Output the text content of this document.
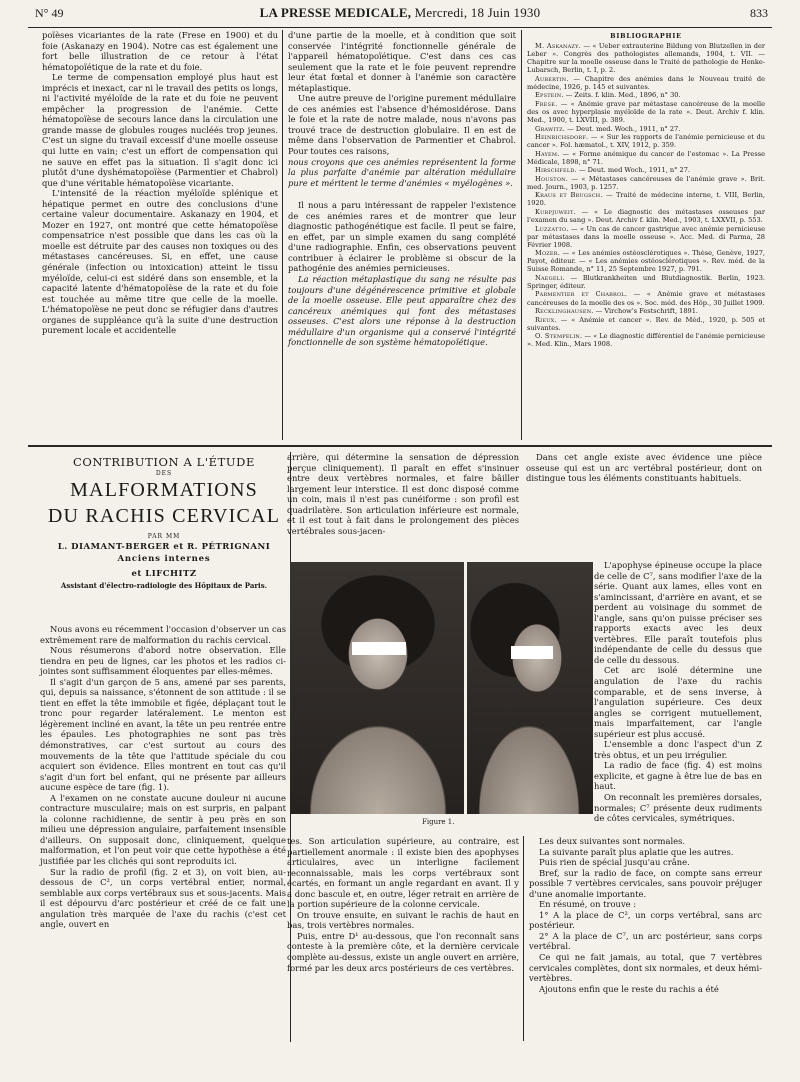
N° 49	LA PRESSE MEDICALE, Mercredi, 18 Juin 1930	833

poïèses vicariantes de la rate (Frese en 1900) et du foie (Askanazy en 1904). Notre cas est également une fort belle illustration de ce retour à l'état hématopoïétique de la rate et du foie.

Le terme de compensation employé plus haut est imprécis et inexact, car ni le travail des petits os longs, ni l'activité myéloïde de la rate et du foie ne peuvent empêcher la progression de l'anémie. Cette hématopoïèse de secours lance dans la circulation une grande masse de globules rouges nucléés trop jeunes. C'est un signe du travail excessif d'une moelle osseuse qui lutte en vain; c'est un effort de compensation qui ne sauve en effet pas la situation. Il s'agit donc ici plutôt d'une dyshématopoïèse (Parmentier et Chabrol) que d'une véritable hématopoïèse vicariante.

L'intensité de la réaction myéloïde splénique et hépatique permet en outre des conclusions d'une certaine valeur documentaire. Askanazy en 1904, et Mozer en 1927, ont montré que cette hématopoïèse compensatrice n'est possible que dans les cas où la moelle est détruite par des causes non toxiques ou des métastases cancéreuses. Si, en effet, une cause générale (infection ou intoxication) atteint le tissu myéloïde, celui-ci est sidéré dans son ensemble, et la capacité latente d'hématopoïèse de la rate et du foie est touchée au même titre que celle de la moelle. L'hématopoïèse ne peut donc se réfugier dans d'autres organes de suppléance qu'à la suite d'une destruction purement locale et accidentelle

d'une partie de la moelle, et à condition que soit conservée l'intégrité fonctionnelle générale de l'appareil hématopoïétique. C'est dans ces cas seulement que la rate et le foie peuvent reprendre leur état fœtal et donner à l'anémie son caractère métaplastique.

Une autre preuve de l'origine purement médullaire de ces anémies est l'absence d'hémosidérose. Dans le foie et la rate de notre malade, nous n'avons pas trouvé trace de destruction globulaire. Il en est de même dans l'observation de Parmentier et Chabrol. Pour toutes ces raisons,

nous croyons que ces anémies représentent la forme la plus parfaite d'anémie par altération médullaire pure et méritent le terme d'anémies « myélogènes ».

Il nous a paru intéressant de rappeler l'existence de ces anémies rares et de montrer que leur diagnostic pathogénétique est facile. Il peut se faire, en effet, par un simple examen du sang complété d'une radiographie. Enfin, ces observations peuvent contribuer à éclairer le problème si obscur de la pathogénie des anémies pernicieuses.

La réaction métaplastique du sang ne résulte pas toujours d'une dégénérescence primitive et globale de la moelle osseuse. Elle peut apparaître chez des cancéreux anémiques qui font des métastases osseuses. C'est alors une réponse à la destruction médullaire d'un organisme qui a conservé l'intégrité fonctionnelle de son système hématopoïétique.

BIBLIOGRAPHIE

M. Askanazy. — « Ueber extrauterine Bildung von Blutzellen in der Leber ». Congrès des pathologistes allemands, 1904, t. VII. — Chapitre sur la moelle osseuse dans le Traité de pathologie de Henke-Lubarsch, Berlin, t. I, p. 2.

Aubertin. — Chapitre des anémies dans le Nouveau traité de médecine, 1926, p. 145 et suivantes.

Epstein. — Zeits. f. klin. Med., 1896, n° 30.

Frese. — « Anémie grave par métastase cancéreuse de la moelle des os avec hyperplasie myéloïde de la rate ». Deut. Archiv f. klin. Med., 1900, t. LXVIII, p. 389.

Grawitz. — Deut. med. Woch., 1911, n° 27.

Heinrichsdorf. — « Sur les rapports de l'anémie pernicieuse et du cancer ». Fol. hæmatol., t. XIV, 1912, p. 359.

Hayem. — « Forme anémique du cancer de l'estomac ». La Presse Médicale, 1898, n° 71.

Hirschfeld. — Deut. med Woch., 1911, n° 27.

Houston. — « Métastases cancéreuses de l'anémie grave ». Brit. med. Journ., 1903, p. 1257.

Kraus et Brugsch. — Traité de médecine interne, t. VIII, Berlin, 1920.

Kurpjuweit. — « Le diagnostic des métastases osseuses par l'examen du sang ». Deut. Archiv f. klin. Med., 1903, t. LXXVII, p. 553.

Luzzatto. — « Un cas de cancer gastrique avec anémie pernicieuse par métastases dans la moelle osseuse ». Acc. Med. di Parma, 28 Février 1908.

Mozer. — « Les anémies ostéosclérotiques ». Thèse, Genève, 1927, Payot, éditeur. — « Les anémies ostéosclérotiques ». Rev. méd. de la Suisse Romande, n° 11, 25 Septembre 1927, p. 791.

Naegeli. — Blutkrankheiten und Blutdiagnostik. Berlin, 1923. Springer, éditeur.

Parmentier et Chabrol. — « Anémie grave et métastases cancéreuses de la moelle des os ». Soc. méd. des Hôp., 30 Juillet 1909.

Recklinghausen. — Virchow's Festschrift, 1891.

Rieux. — « Anémie et cancer ». Rev. de Méd., 1920, p. 505 et suivantes.

O. Stempelin. — « Le diagnostic différentiel de l'anémie pernicieuse ». Med. Klin., Mars 1908.

CONTRIBUTION A L'ÉTUDE
DES
MALFORMATIONS
DU RACHIS CERVICAL
PAR MM
L. DIAMANT-BERGER et R. PÉTRIGNANI
Anciens internes
et LIFCHITZ
Assistant d'électro-radiologie des Hôpitaux de Paris.

Nous avons eu récemment l'occasion d'observer un cas extrêmement rare de malformation du rachis cervical.

Nous résumerons d'abord notre observation. Elle tiendra en peu de lignes, car les photos et les radios ci-jointes sont suffisamment éloquentes par elles-mêmes.

Il s'agit d'un garçon de 5 ans, amené par ses parents, qui, depuis sa naissance, s'étonnent de son attitude : il se tient en effet la tête immobile et figée, déplaçant tout le tronc pour regarder latéralement. Le menton est légèrement incliné en avant, la tête un peu rentrée entre les épaules. Les photographies ne sont pas très démonstratives, car c'est surtout au cours des mouvements de la tête que l'attitude spéciale du cou acquiert son évidence. Elles montrent en tout cas qu'il s'agit d'un fort bel enfant, qui ne présente par ailleurs aucune espèce de tare (fig. 1).

A l'examen on ne constate aucune douleur ni aucune contracture musculaire; mais on est surpris, en palpant la colonne rachidienne, de sentir à peu près en son milieu une dépression angulaire, parfaitement insensible d'ailleurs. On supposait donc, cliniquement, quelque malformation, et l'on peut voir que cette hypothèse a été justifiée par les clichés qui sont reproduits ici.

Sur la radio de profil (fig. 2 et 3), on voit bien, au-dessous de C², un corps vertébral entier, normal, semblable aux corps vertébraux sus et sous-jacents. Mais il est dépourvu d'arc postérieur et créé de ce fait une angulation très marquée de l'axe du rachis (c'est cet angle, ouvert en

arrière, qui détermine la sensation de dépression perçue cliniquement). Il paraît en effet s'insinuer entre deux vertèbres normales, et faire bâiller largement leur interstice. Il est donc disposé comme un coin, mais il n'est pas cunéiforme : son profil est quadrilatère. Son articulation inférieure est normale, et il est tout à fait dans le prolongement des pièces vertébrales sous-jacen-

Dans cet angle existe avec évidence une pièce osseuse qui est un arc vertébral postérieur, dont on distingue tous les éléments constituants habituels.

Figure 1.

L'apophyse épineuse occupe la place de celle de C⁷, sans modifier l'axe de la série. Quant aux lames, elles vont en s'amincissant, d'arrière en avant, et se perdent au voisinage du sommet de l'angle, sans qu'on puisse préciser ses rapports exacts avec les deux vertèbres. Elle paraît toutefois plus indépendante de celle du dessus que de celle du dessous.

Cet arc isolé détermine une angulation de l'axe du rachis comparable, et de sens inverse, à l'angulation supérieure. Ces deux angles se corrigent mutuellement, mais imparfaitement, car l'angle supérieur est plus accusé.

L'ensemble a donc l'aspect d'un Z très obtus, et un peu irrégulier.

La radio de face (fig. 4) est moins explicite, et gagne à être lue de bas en haut.

On reconnaît les premières dorsales, normales; C⁷ présente deux rudiments de côtes cervicales, symétriques.

tes. Son articulation supérieure, au contraire, est partiellement anormale : il existe bien des apophyses articulaires, avec un interligne facilement reconnaissable, mais les corps vertébraux sont écartés, en formant un angle regardant en avant. Il y a donc bascule et, en outre, léger retrait en arrière de la portion supérieure de la colonne cervicale.

On trouve ensuite, en suivant le rachis de haut en bas, trois vertèbres normales.

Puis, entre D¹ au-dessous, que l'on reconnaît sans conteste à la première côte, et la dernière cervicale complète au-dessus, existe un angle ouvert en arrière, formé par les deux arcs postérieurs de ces vertèbres.

Les deux suivantes sont normales.

La suivante paraît plus aplatie que les autres.

Puis rien de spécial jusqu'au crâne.

Bref, sur la radio de face, on compte sans erreur possible 7 vertèbres cervicales, sans pouvoir préjuger d'une anomalie importante.

En résumé, on trouve :

1° A la place de C², un corps vertébral, sans arc postérieur.

2° A la place de C⁷, un arc postérieur, sans corps vertébral.

Ce qui ne fait jamais, au total, que 7 vertèbres cervicales complètes, dont six normales, et deux hémi-vertèbres.

Ajoutons enfin que le reste du rachis a été
